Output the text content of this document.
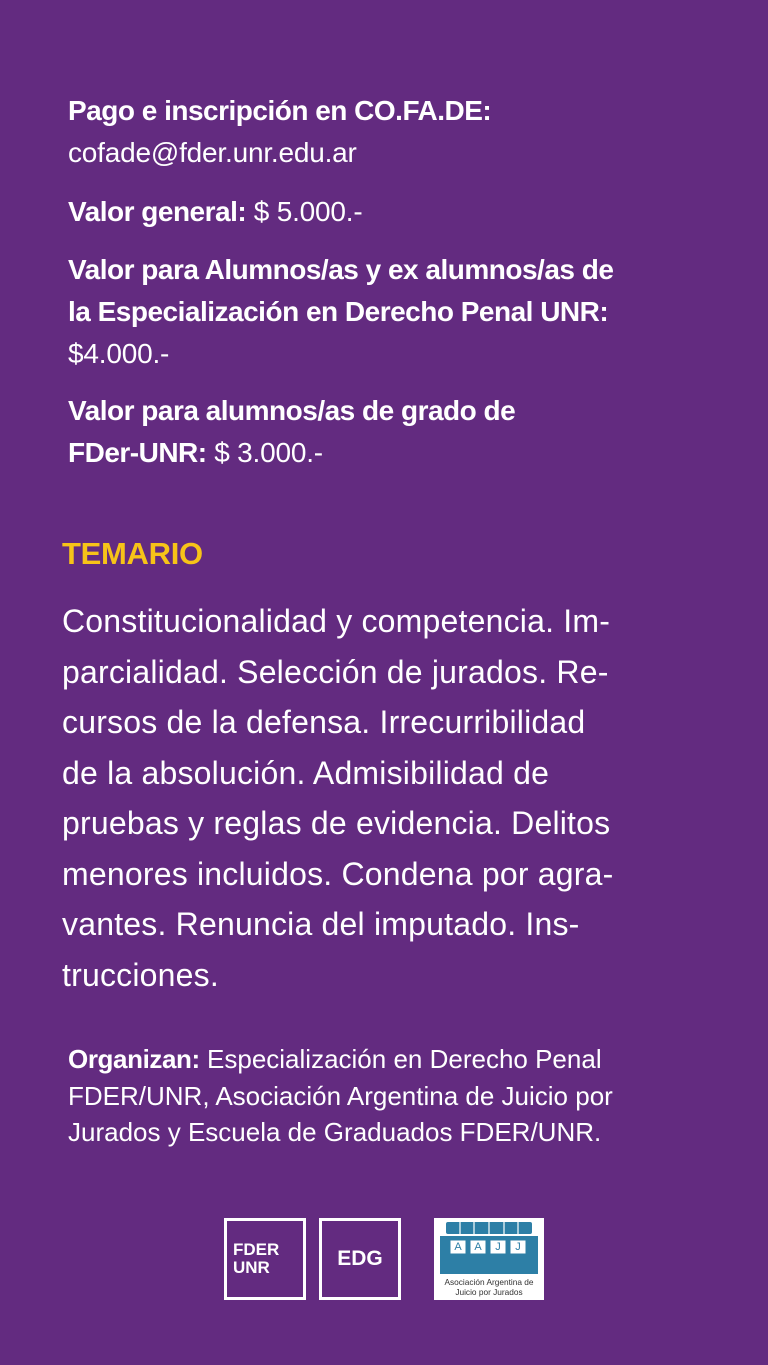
Pago e inscripción en CO.FA.DE:
cofade@fder.unr.edu.ar
Valor general: $ 5.000.-
Valor para Alumnos/as y ex alumnos/as de
la Especialización en Derecho Penal UNR:
$4.000.-
Valor para alumnos/as de grado de
FDer-UNR: $ 3.000.-
TEMARIO
Constitucionalidad y competencia. Im-
parcialidad. Selección de jurados. Re-
cursos de la defensa. Irrecurribilidad
de la absolución. Admisibilidad de
pruebas y reglas de evidencia. Delitos
menores incluidos. Condena por agra-
vantes. Renuncia del imputado. Ins-
trucciones.
Organizan: Especialización en Derecho Penal
FDER/UNR, Asociación Argentina de Juicio por
Jurados y Escuela de Graduados FDER/UNR.
FDER
UNR	EDG	A A J J
Asociación Argentina de
Juicio por Jurados
